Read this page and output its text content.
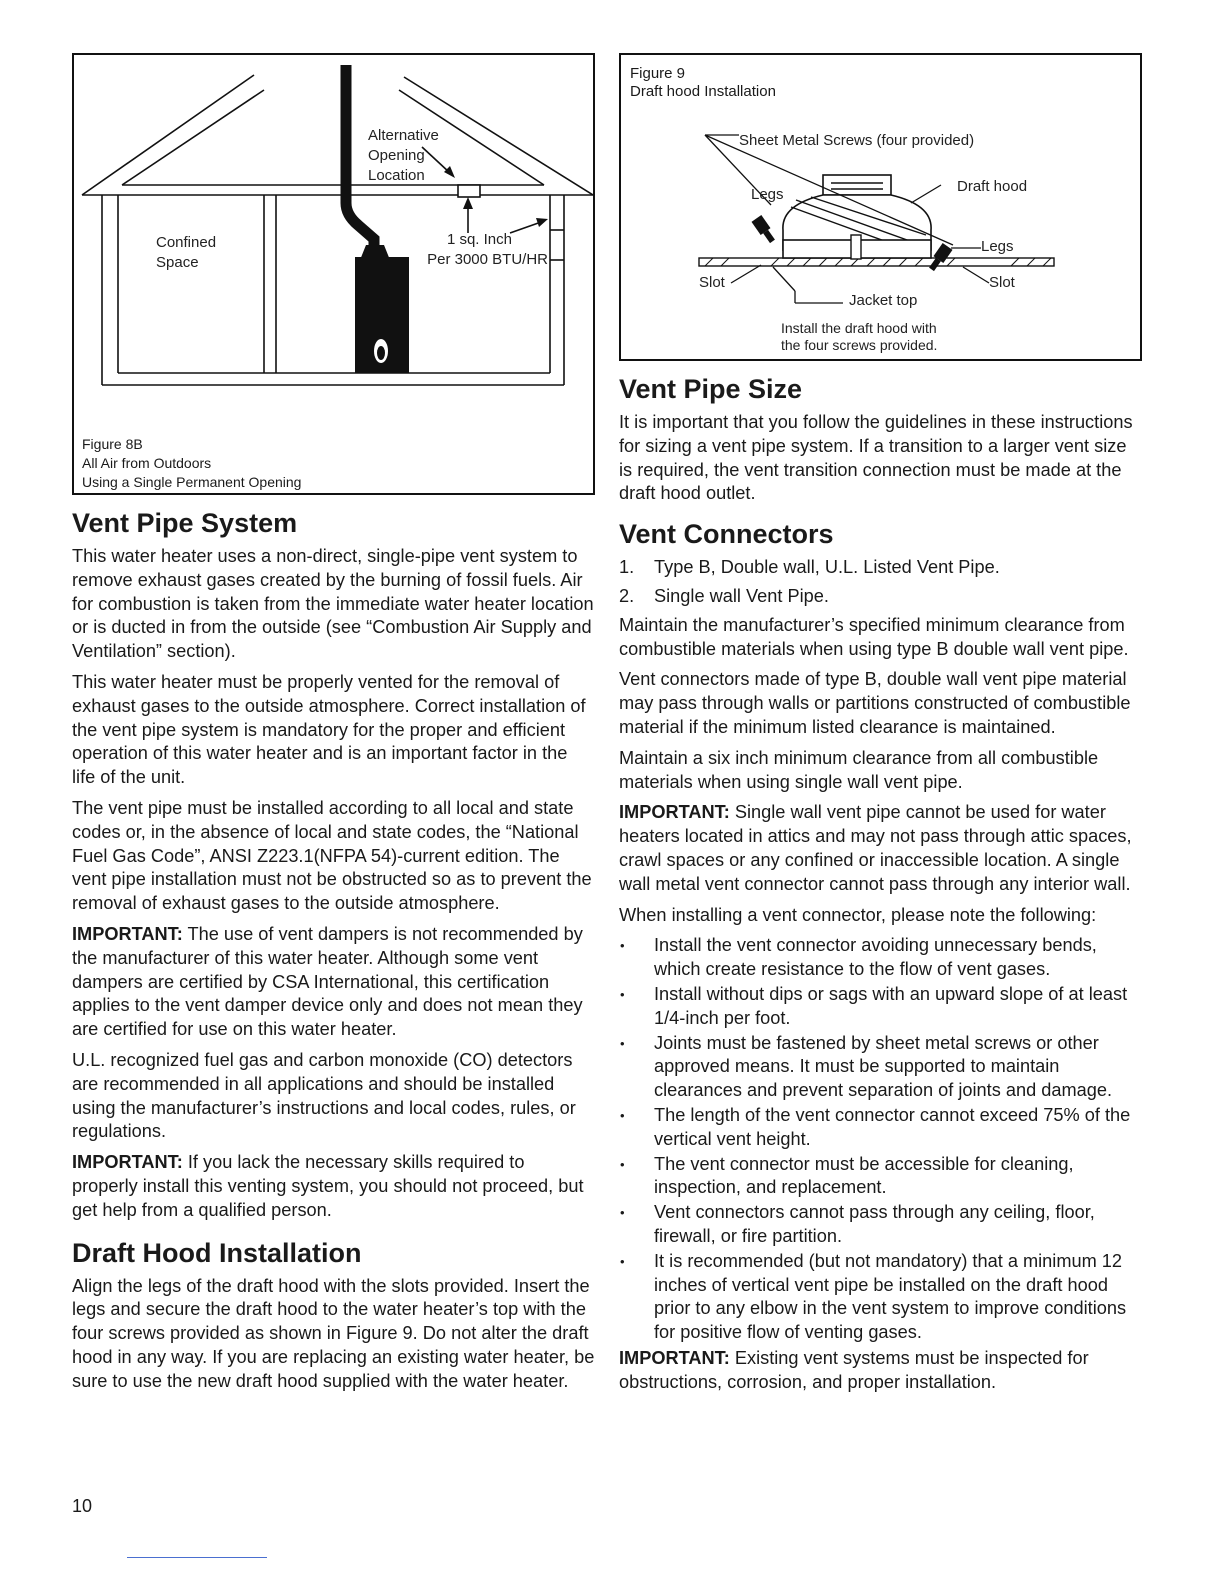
Alternative
Opening
Location
Confined
Space
1 sq. Inch
Per 3000 BTU/HR
Figure 8B
All Air from Outdoors
Using a Single Permanent Opening
Vent Pipe System

This water heater uses a non-direct, single-pipe vent system to remove exhaust gases created by the burning of fossil fuels. Air for combustion is taken from the immediate water heater location or is ducted in from the outside (see “Combustion Air Supply and Ventilation” section).

This water heater must be properly vented for the removal of exhaust gases to the outside atmosphere. Correct installation of the vent pipe system is mandatory for the proper and efficient operation of this water heater and is an important factor in the life of the unit.

The vent pipe must be installed according to all local and state codes or, in the absence of local and state codes, the “National Fuel Gas Code”, ANSI Z223.1(NFPA 54)-current edition. The vent pipe installation must not be obstructed so as to prevent the removal of exhaust gases to the outside atmosphere.

IMPORTANT: The use of vent dampers is not recommended by the manufacturer of this water heater. Although some vent dampers are certified by CSA International, this certification applies to the vent damper device only and does not mean they are certified for use on this water heater.

U.L. recognized fuel gas and carbon monoxide (CO) detectors are recommended in all applications and should be installed using the manufacturer’s instructions and local codes, rules, or regulations.

IMPORTANT: If you lack the necessary skills required to properly install this venting system, you should not proceed, but get help from a qualified person.

Draft Hood Installation

Align the legs of the draft hood with the slots provided. Insert the legs and secure the draft hood to the water heater’s top with the four screws provided as shown in Figure 9. Do not alter the draft hood in any way. If you are replacing an existing water heater, be sure to use the new draft hood supplied with the water heater.

Figure 9
Draft hood Installation
Sheet Metal Screws (four provided)
Draft hood
Legs
Legs
Slot	Slot
Jacket top
Install the draft hood with
the four screws provided.
Vent Pipe Size

It is important that you follow the guidelines in these instructions for sizing a vent pipe system. If a transition to a larger vent size is required, the vent transition connection must be made at the draft hood outlet.

Vent Connectors
1. Type B, Double wall, U.L. Listed Vent Pipe.
2. Single wall Vent Pipe.

Maintain the manufacturer’s specified minimum clearance from combustible materials when using type B double wall vent pipe.

Vent connectors made of type B, double wall vent pipe material may pass through walls or partitions constructed of combustible material if the minimum listed clearance is maintained.

Maintain a six inch minimum clearance from all combustible materials when using single wall vent pipe.

IMPORTANT: Single wall vent pipe cannot be used for water heaters located in attics and may not pass through attic spaces, crawl spaces or any confined or inaccessible location. A single wall metal vent connector cannot pass through any interior wall.

When installing a vent connector, please note the following:

• Install the vent connector avoiding unnecessary bends, which create resistance to the flow of vent gases.
• Install without dips or sags with an upward slope of at least 1/4-inch per foot.
• Joints must be fastened by sheet metal screws or other approved means. It must be supported to maintain clearances and prevent separation of joints and damage.
• The length of the vent connector cannot exceed 75% of the vertical vent height.
• The vent connector must be accessible for cleaning, inspection, and replacement.
• Vent connectors cannot pass through any ceiling, floor, firewall, or fire partition.
• It is recommended (but not mandatory) that a minimum 12 inches of vertical vent pipe be installed on the draft hood prior to any elbow in the vent system to improve conditions for positive flow of venting gases.

IMPORTANT: Existing vent systems must be inspected for obstructions, corrosion, and proper installation.

10
